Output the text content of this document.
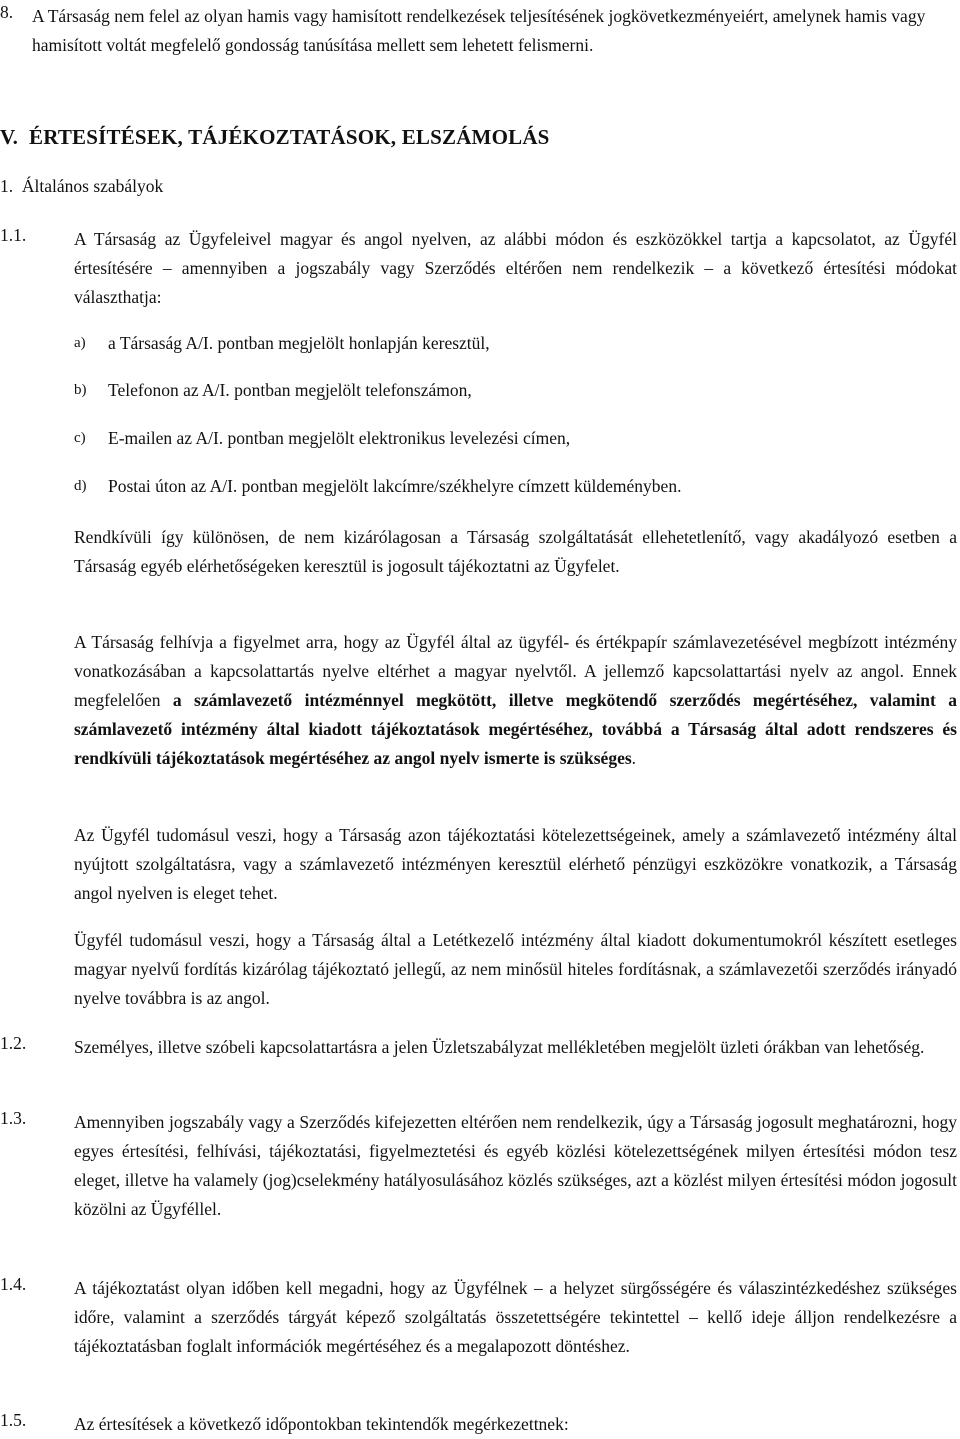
8. A Társaság nem felel az olyan hamis vagy hamisított rendelkezések teljesítésének jogkövetkezményeiért, amelynek hamis vagy hamisított voltát megfelelő gondosság tanúsítása mellett sem lehetett felismerni.
V.  ÉRTESÍTÉSEK, TÁJÉKOZTATÁSOK, ELSZÁMOLÁS
1.  Általános szabályok
1.1.	A Társaság az Ügyfeleivel magyar és angol nyelven, az alábbi módon és eszközökkel tartja a kapcsolatot, az Ügyfél értesítésére – amennyiben a jogszabály vagy Szerződés eltérően nem rendelkezik – a következő értesítési módokat választhatja:
a) a Társaság A/I. pontban megjelölt honlapján keresztül,
b) Telefonon az A/I. pontban megjelölt telefonszámon,
c) E-mailen az A/I. pontban megjelölt elektronikus levelezési címen,
d) Postai úton az A/I. pontban megjelölt lakcímre/székhelyre címzett küldeményben.
Rendkívüli így különösen, de nem kizárólagosan a Társaság szolgáltatását ellehetetlenítő, vagy akadályozó esetben a Társaság egyéb elérhetőségeken keresztül is jogosult tájékoztatni az Ügyfelet.
A Társaság felhívja a figyelmet arra, hogy az Ügyfél által az ügyfél- és értékpapír számlavezetésével megbízott intézmény vonatkozásában a kapcsolattartás nyelve eltérhet a magyar nyelvtől. A jellemző kapcsolattartási nyelv az angol. Ennek megfelelően a számlavezető intézménnyel megkötött, illetve megkötendő szerződés megértéséhez, valamint a számlavezető intézmény által kiadott tájékoztatások megértéséhez, továbbá a Társaság által adott rendszeres és rendkívüli tájékoztatások megértéséhez az angol nyelv ismerte is szükséges.
Az Ügyfél tudomásul veszi, hogy a Társaság azon tájékoztatási kötelezettségeinek, amely a számlavezető intézmény által nyújtott szolgáltatásra, vagy a számlavezető intézményen keresztül elérhető pénzügyi eszközökre vonatkozik, a Társaság angol nyelven is eleget tehet.
Ügyfél tudomásul veszi, hogy a Társaság által a Letétkezelő intézmény által kiadott dokumentumokról készített esetleges magyar nyelvű fordítás kizárólag tájékoztató jellegű, az nem minősül hiteles fordításnak, a számlavezetői szerződés irányadó nyelve továbbra is az angol.
1.2.	Személyes, illetve szóbeli kapcsolattartásra a jelen Üzletszabályzat mellékletében megjelölt üzleti órákban van lehetőség.
1.3.	Amennyiben jogszabály vagy a Szerződés kifejezetten eltérően nem rendelkezik, úgy a Társaság jogosult meghatározni, hogy egyes értesítési, felhívási, tájékoztatási, figyelmeztetési és egyéb közlési kötelezettségének milyen értesítési módon tesz eleget, illetve ha valamely (jog)cselekmény hatályosulásához közlés szükséges, azt a közlést milyen értesítési módon jogosult közölni az Ügyféllel.
1.4.	A tájékoztatást olyan időben kell megadni, hogy az Ügyfélnek – a helyzet sürgősségére és válaszintézkedéshez szükséges időre, valamint a szerződés tárgyát képező szolgáltatás összetettségére tekintettel – kellő ideje álljon rendelkezésre a tájékoztatásban foglalt információk megértéséhez és a megalapozott döntéshez.
1.5.	Az értesítések a következő időpontokban tekintendők megérkezettnek:
